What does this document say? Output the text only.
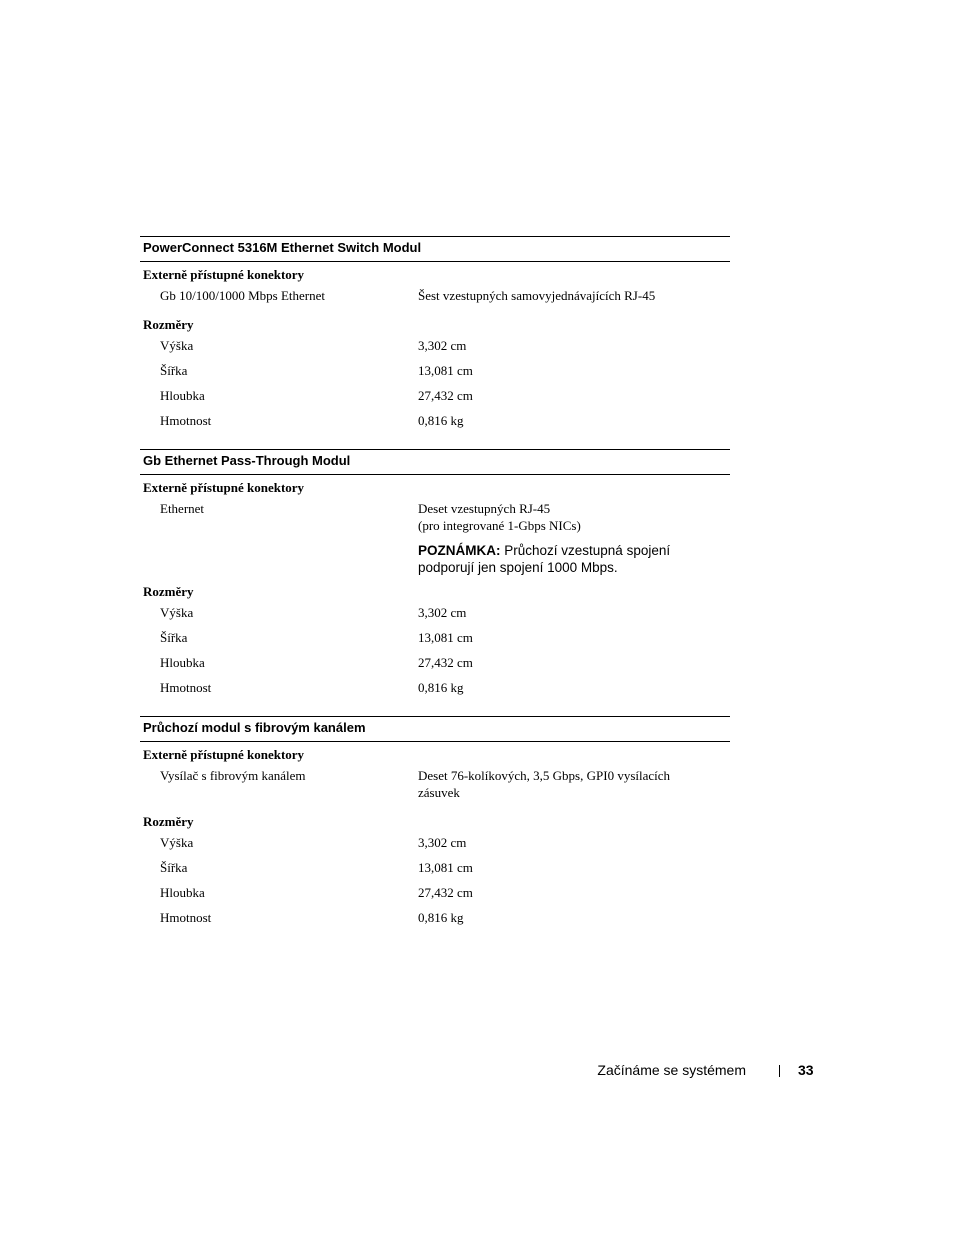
PowerConnect 5316M Ethernet Switch Modul
Externě přístupné konektory
Gb 10/100/1000 Mbps Ethernet	Šest vzestupných samovyjednávajících RJ-45
Rozměry
Výška	3,302 cm
Šířka	13,081 cm
Hloubka	27,432 cm
Hmotnost	0,816 kg
Gb Ethernet Pass-Through Modul
Externě přístupné konektory
Ethernet	Deset vzestupných RJ-45
(pro integrované 1-Gbps NICs)
POZNÁMKA: Průchozí vzestupná spojení podporují jen spojení 1000 Mbps.
Rozměry
Výška	3,302 cm
Šířka	13,081 cm
Hloubka	27,432 cm
Hmotnost	0,816 kg
Průchozí modul s fibrovým kanálem
Externě přístupné konektory
Vysílač s fibrovým kanálem	Deset 76-kolíkových, 3,5 Gbps, GPI0 vysílacích
zásuvek
Rozměry
Výška	3,302 cm
Šířka	13,081 cm
Hloubka	27,432 cm
Hmotnost	0,816 kg
Začínáme se systémem	33
